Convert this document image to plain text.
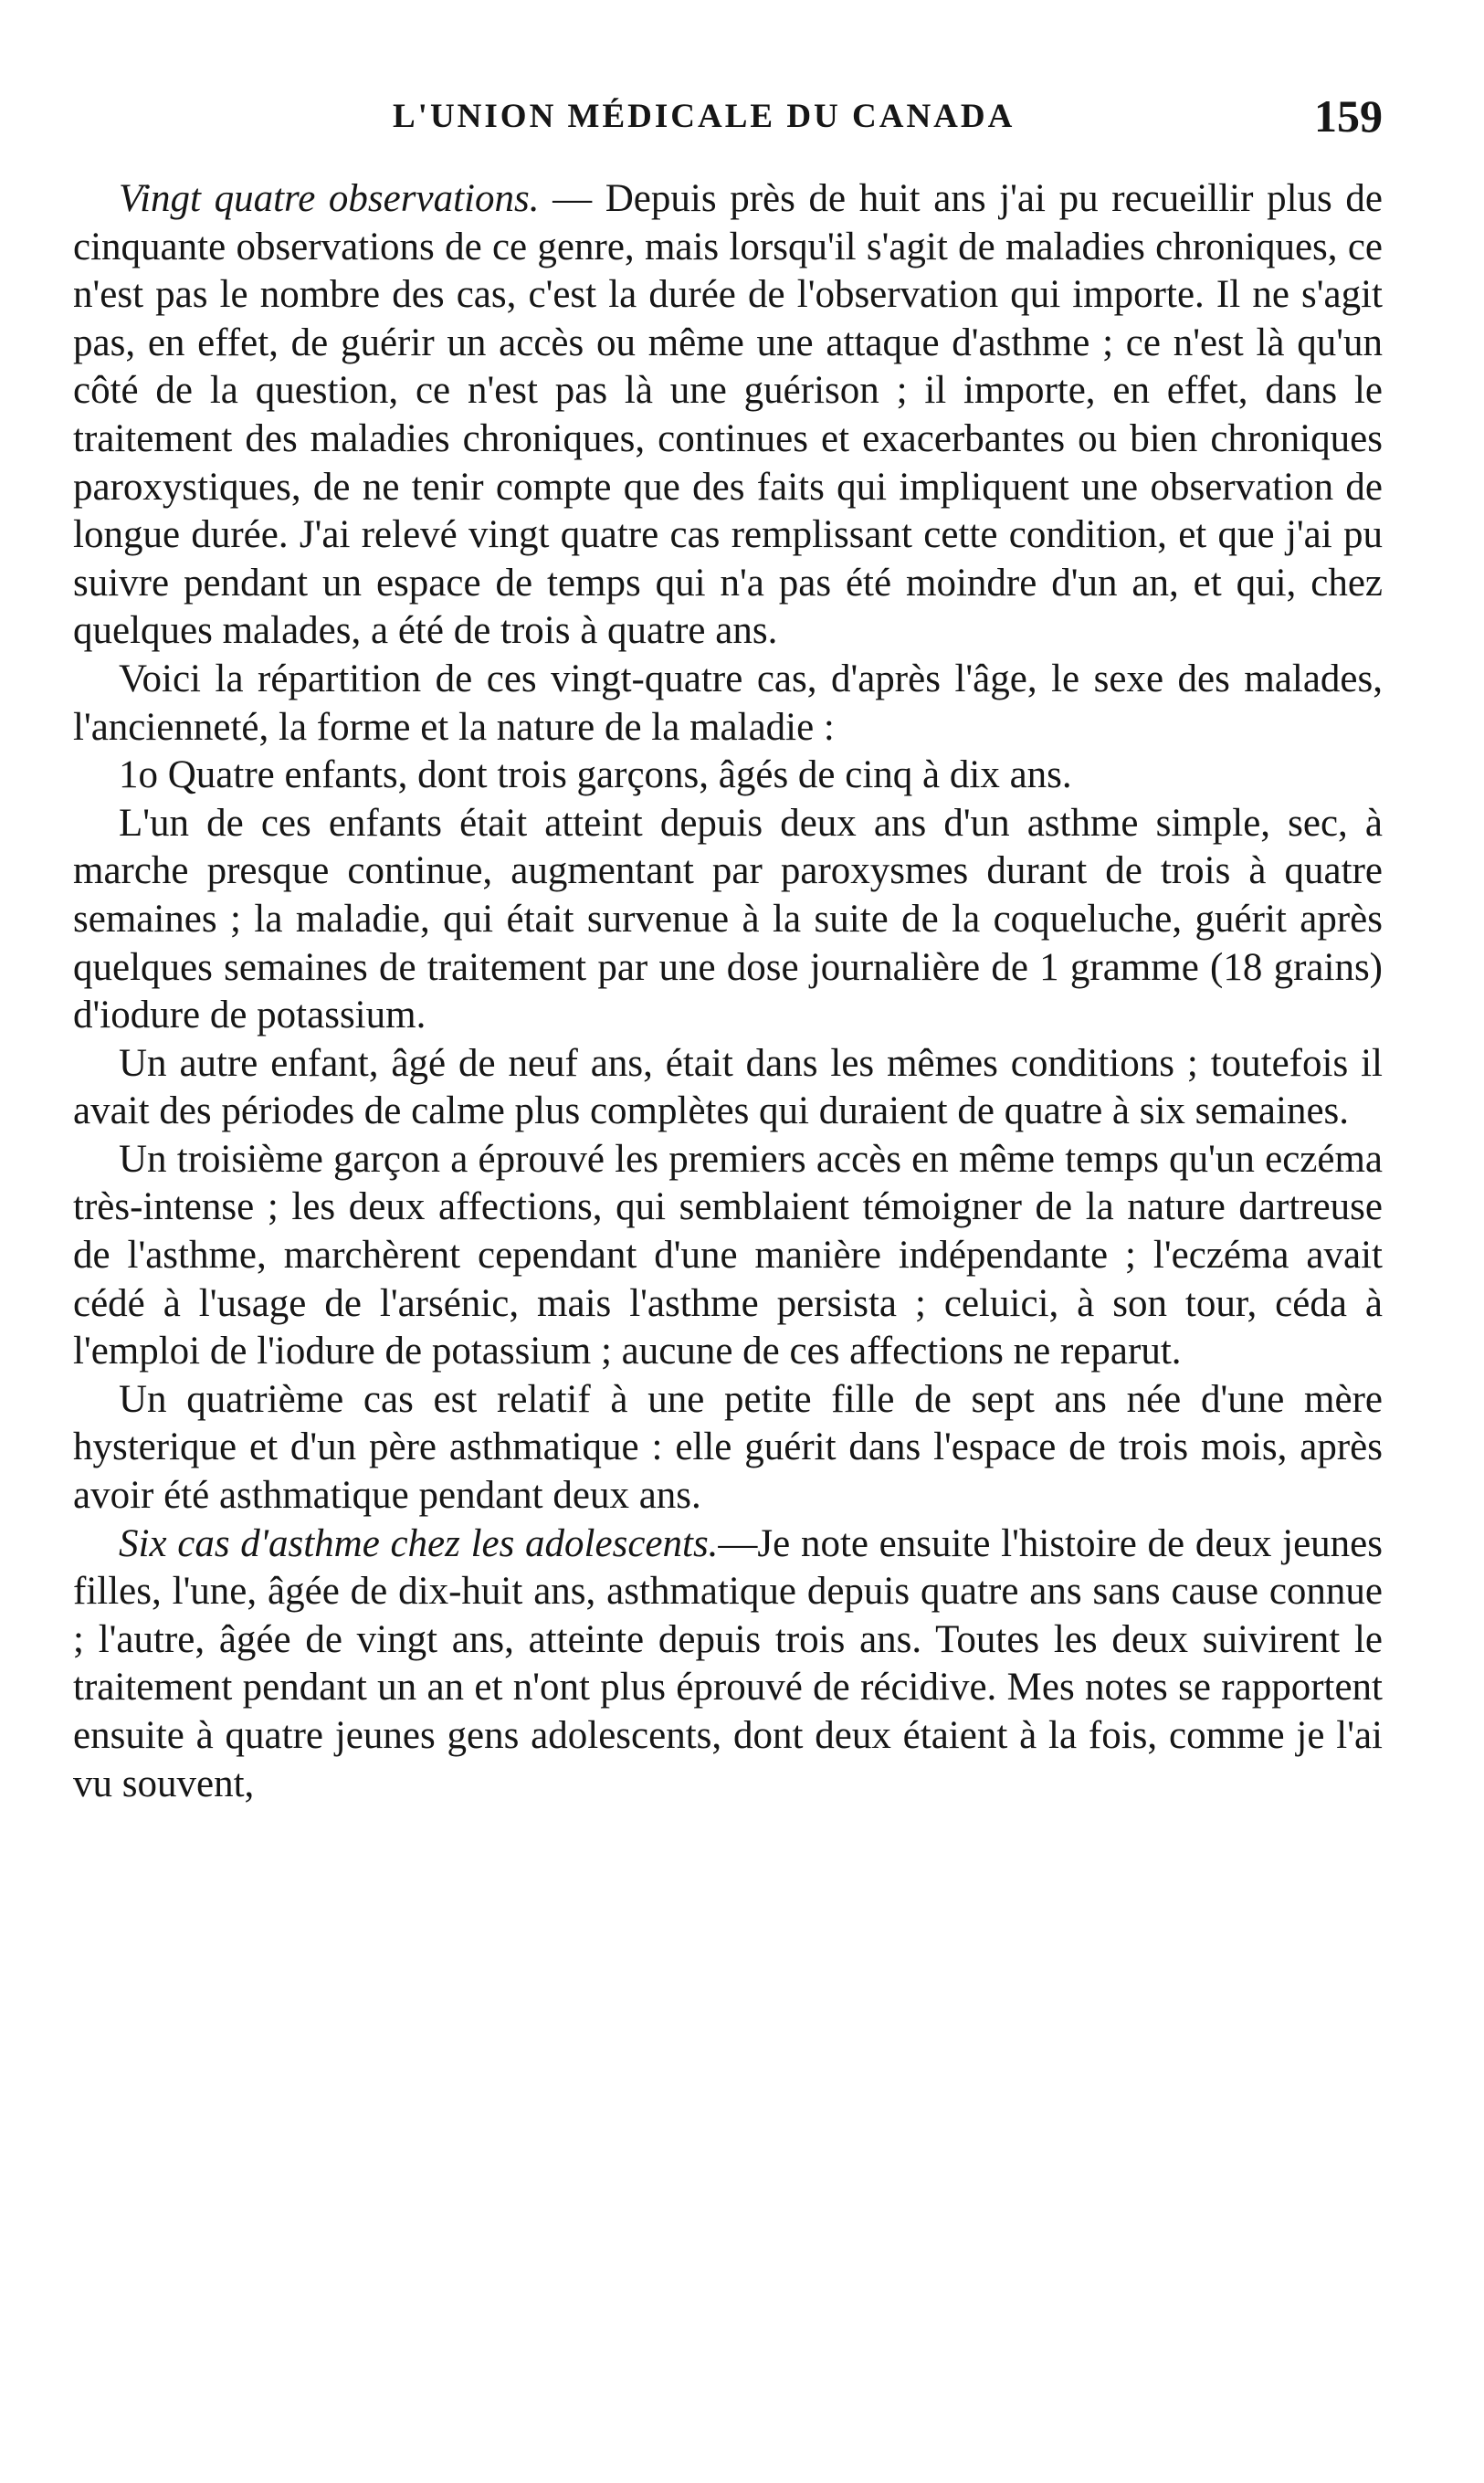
L'UNION MÉDICALE DU CANADA	159

Vingt quatre observations. — Depuis près de huit ans j'ai pu recueillir plus de cinquante observations de ce genre, mais lorsqu'il s'agit de maladies chroniques, ce n'est pas le nombre des cas, c'est la durée de l'observation qui importe. Il ne s'agit pas, en effet, de guérir un accès ou même une attaque d'asthme ; ce n'est là qu'un côté de la question, ce n'est pas là une guérison ; il importe, en effet, dans le traitement des maladies chroniques, continues et exacerbantes ou bien chroniques paroxystiques, de ne tenir compte que des faits qui impliquent une observation de longue durée. J'ai relevé vingt quatre cas remplissant cette condition, et que j'ai pu suivre pendant un espace de temps qui n'a pas été moindre d'un an, et qui, chez quelques malades, a été de trois à quatre ans.

Voici la répartition de ces vingt-quatre cas, d'après l'âge, le sexe des malades, l'ancienneté, la forme et la nature de la maladie :

1o Quatre enfants, dont trois garçons, âgés de cinq à dix ans.

L'un de ces enfants était atteint depuis deux ans d'un asthme simple, sec, à marche presque continue, augmentant par paroxysmes durant de trois à quatre semaines ; la maladie, qui était survenue à la suite de la coqueluche, guérit après quelques semaines de traitement par une dose journalière de 1 gramme (18 grains) d'iodure de potassium.

Un autre enfant, âgé de neuf ans, était dans les mêmes conditions ; toutefois il avait des périodes de calme plus complètes qui duraient de quatre à six semaines.

Un troisième garçon a éprouvé les premiers accès en même temps qu'un eczéma très-intense ; les deux affections, qui semblaient témoigner de la nature dartreuse de l'asthme, marchèrent cependant d'une manière indépendante ; l'eczéma avait cédé à l'usage de l'arsénic, mais l'asthme persista ; celuici, à son tour, céda à l'emploi de l'iodure de potassium ; aucune de ces affections ne reparut.

Un quatrième cas est relatif à une petite fille de sept ans née d'une mère hysterique et d'un père asthmatique : elle guérit dans l'espace de trois mois, après avoir été asthmatique pendant deux ans.

Six cas d'asthme chez les adolescents.—Je note ensuite l'histoire de deux jeunes filles, l'une, âgée de dix-huit ans, asthmatique depuis quatre ans sans cause connue ; l'autre, âgée de vingt ans, atteinte depuis trois ans. Toutes les deux suivirent le traitement pendant un an et n'ont plus éprouvé de récidive. Mes notes se rapportent ensuite à quatre jeunes gens adolescents, dont deux étaient à la fois, comme je l'ai vu souvent,
